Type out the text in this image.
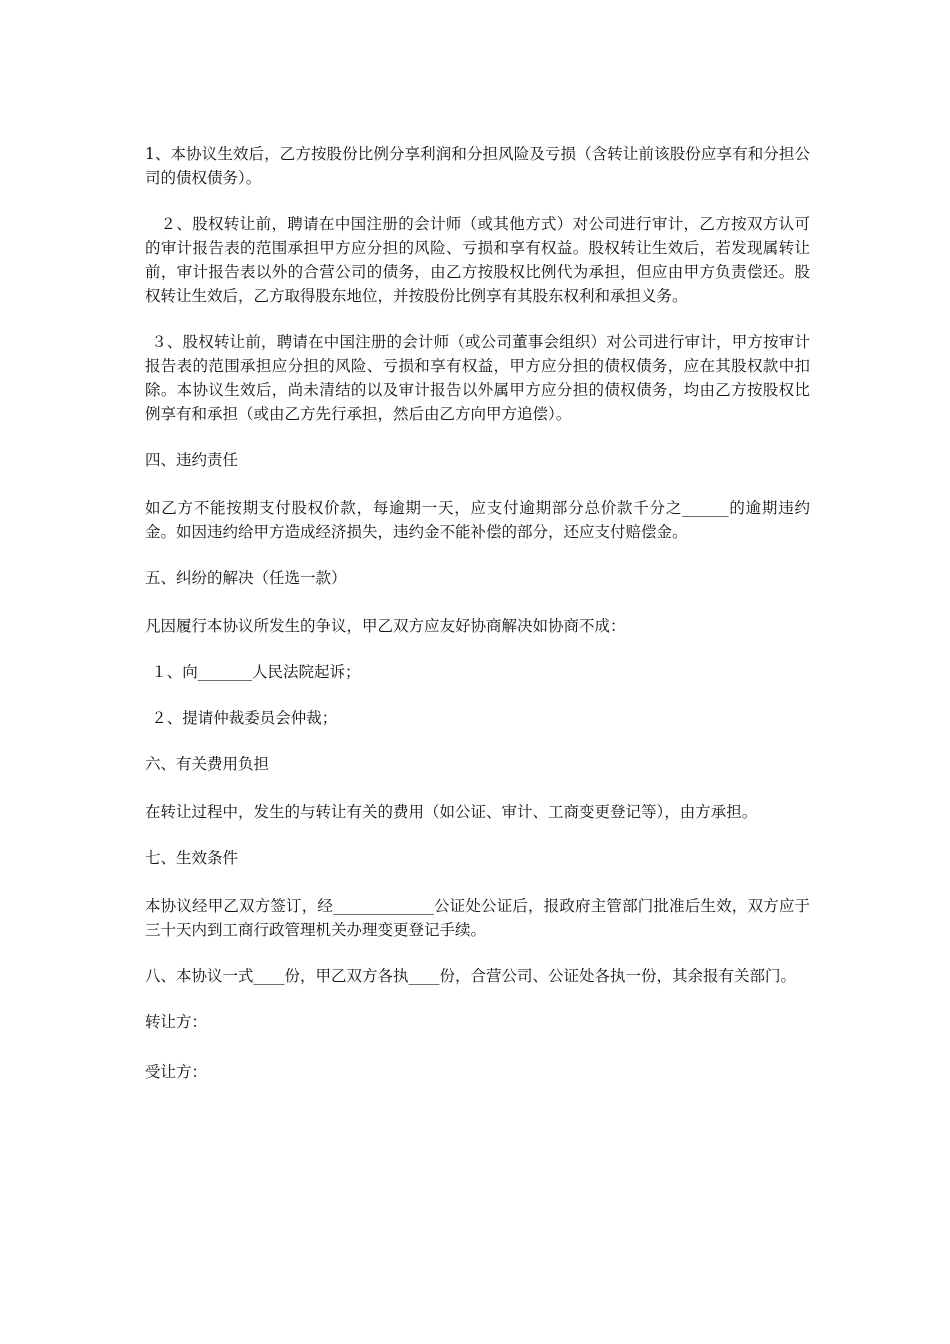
1、本协议生效后，乙方按股份比例分享利润和分担风险及亏损（含转让前该股份应享有和分担公司的债权债务）。

２、股权转让前，聘请在中国注册的会计师（或其他方式）对公司进行审计，乙方按双方认可的审计报告表的范围承担甲方应分担的风险、亏损和享有权益。股权转让生效后，若发现属转让前，审计报告表以外的合营公司的债务，由乙方按股权比例代为承担，但应由甲方负责偿还。股权转让生效后，乙方取得股东地位，并按股份比例享有其股东权利和承担义务。

３、股权转让前，聘请在中国注册的会计师（或公司董事会组织）对公司进行审计，甲方按审计报告表的范围承担应分担的风险、亏损和享有权益，甲方应分担的债权债务，应在其股权款中扣除。本协议生效后，尚未清结的以及审计报告以外属甲方应分担的债权债务，均由乙方按股权比例享有和承担（或由乙方先行承担，然后由乙方向甲方追偿）。

四、违约责任

如乙方不能按期支付股权价款，每逾期一天，应支付逾期部分总价款千分之______的逾期违约金。如因违约给甲方造成经济损失，违约金不能补偿的部分，还应支付赔偿金。

五、纠纷的解决（任选一款）

凡因履行本协议所发生的争议，甲乙双方应友好协商解决如协商不成：

１、向_______人民法院起诉；

２、提请仲裁委员会仲裁；

六、有关费用负担

在转让过程中，发生的与转让有关的费用（如公证、审计、工商变更登记等），由方承担。

七、生效条件

本协议经甲乙双方签订，经_____________公证处公证后，报政府主管部门批准后生效，双方应于三十天内到工商行政管理机关办理变更登记手续。

八、本协议一式____份，甲乙双方各执____份，合营公司、公证处各执一份，其余报有关部门。

转让方：

受让方：
